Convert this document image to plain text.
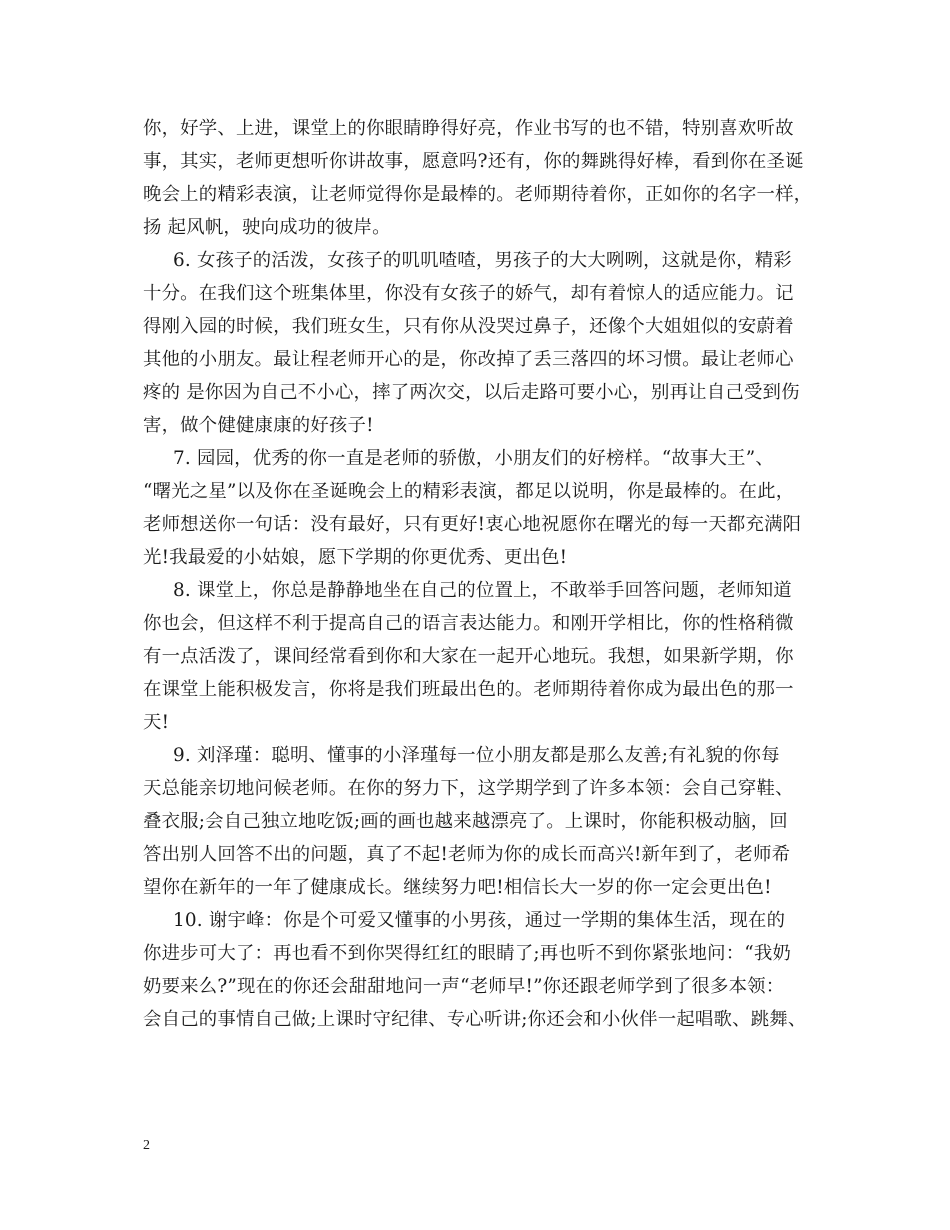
你，好学、上进，课堂上的你眼睛睁得好亮，作业书写的也不错，特别喜欢听故
事，其实，老师更想听你讲故事，愿意吗?还有，你的舞跳得好棒，看到你在圣诞
晚会上的精彩表演，让老师觉得你是最棒的。老师期待着你，正如你的名字一样，
扬 起风帆，驶向成功的彼岸。
6. 女孩子的活泼，女孩子的叽叽喳喳，男孩子的大大咧咧，这就是你，精彩
十分。在我们这个班集体里，你没有女孩子的娇气，却有着惊人的适应能力。记
得刚入园的时候，我们班女生，只有你从没哭过鼻子，还像个大姐姐似的安蔚着
其他的小朋友。最让程老师开心的是，你改掉了丢三落四的坏习惯。最让老师心
疼的 是你因为自己不小心，摔了两次交，以后走路可要小心，别再让自己受到伤
害，做个健健康康的好孩子!
7. 园园，优秀的你一直是老师的骄傲，小朋友们的好榜样。“故事大王”、
“曙光之星”以及你在圣诞晚会上的精彩表演，都足以说明，你是最棒的。在此，
老师想送你一句话：没有最好，只有更好!衷心地祝愿你在曙光的每一天都充满阳
光!我最爱的小姑娘，愿下学期的你更优秀、更出色!
8. 课堂上，你总是静静地坐在自己的位置上，不敢举手回答问题，老师知道
你也会，但这样不利于提高自己的语言表达能力。和刚开学相比，你的性格稍微
有一点活泼了，课间经常看到你和大家在一起开心地玩。我想，如果新学期，你
在课堂上能积极发言，你将是我们班最出色的。老师期待着你成为最出色的那一
天!
9. 刘泽瑾：聪明、懂事的小泽瑾每一位小朋友都是那么友善;有礼貌的你每
天总能亲切地问候老师。在你的努力下，这学期学到了许多本领：会自己穿鞋、
叠衣服;会自己独立地吃饭;画的画也越来越漂亮了。上课时，你能积极动脑，回
答出别人回答不出的问题，真了不起!老师为你的成长而高兴!新年到了，老师希
望你在新年的一年了健康成长。继续努力吧!相信长大一岁的你一定会更出色!
10. 谢宇峰：你是个可爱又懂事的小男孩，通过一学期的集体生活，现在的
你进步可大了：再也看不到你哭得红红的眼睛了;再也听不到你紧张地问：“我奶
奶要来么?”现在的你还会甜甜地问一声“老师早!”你还跟老师学到了很多本领：
会自己的事情自己做;上课时守纪律、专心听讲;你还会和小伙伴一起唱歌、跳舞、
2
